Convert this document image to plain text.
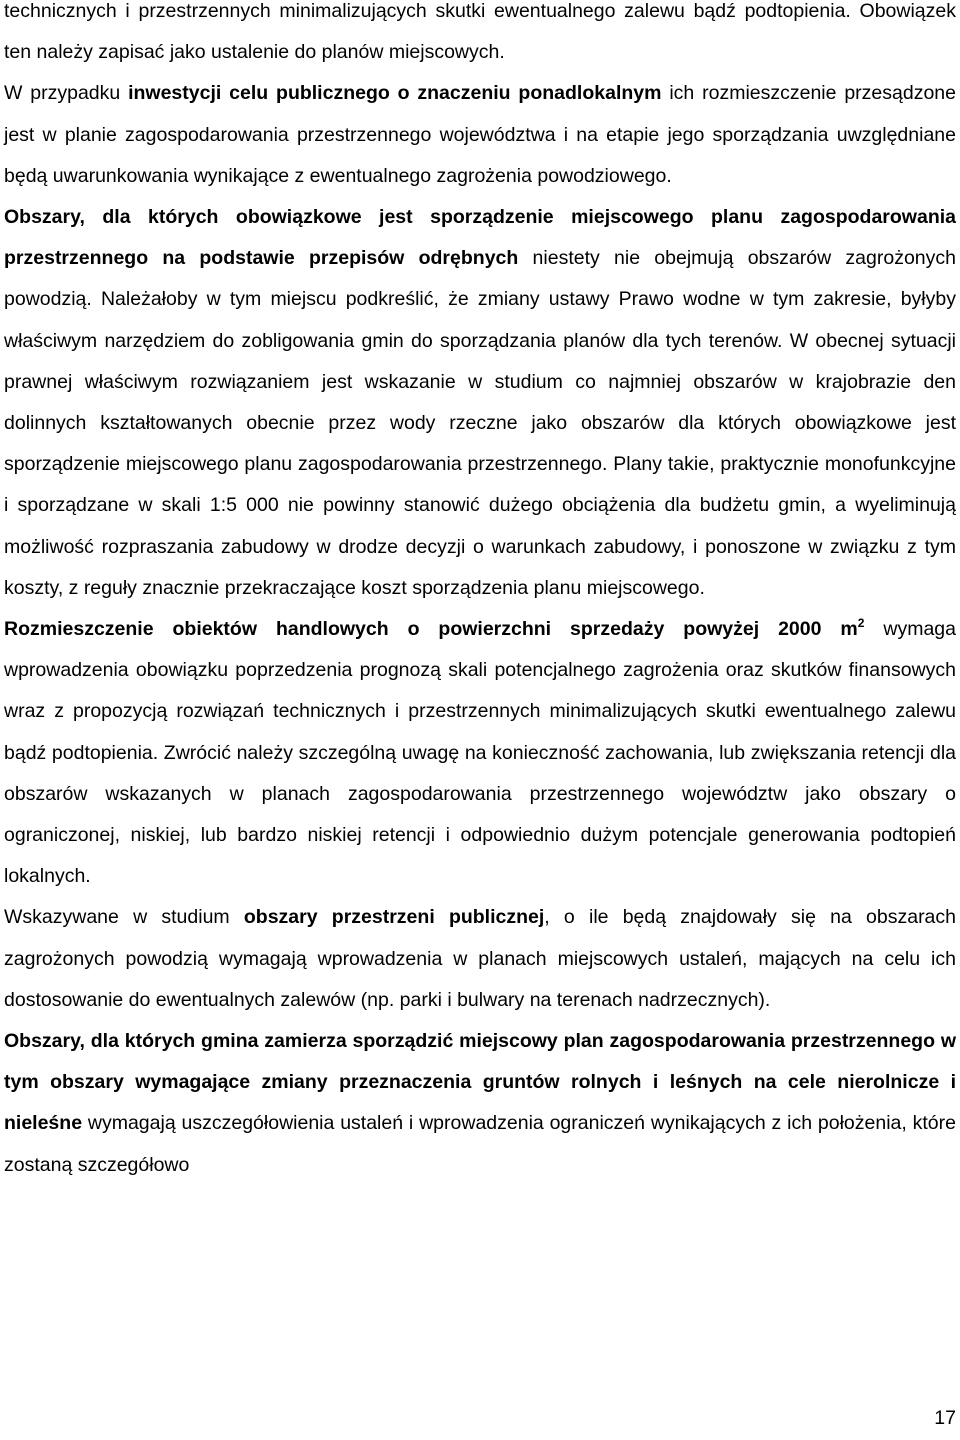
technicznych i przestrzennych minimalizujących skutki ewentualnego zalewu bądź podtopienia. Obowiązek ten należy zapisać jako ustalenie do planów miejscowych.

W przypadku inwestycji celu publicznego o znaczeniu ponadlokalnym ich rozmieszczenie przesądzone jest w planie zagospodarowania przestrzennego województwa i na etapie jego sporządzania uwzględniane będą uwarunkowania wynikające z ewentualnego zagrożenia powodziowego.

Obszary, dla których obowiązkowe jest sporządzenie miejscowego planu zagospodarowania przestrzennego na podstawie przepisów odrębnych niestety nie obejmują obszarów zagrożonych powodzią. Należałoby w tym miejscu podkreślić, że zmiany ustawy Prawo wodne w tym zakresie, byłyby właściwym narzędziem do zobligowania gmin do sporządzania planów dla tych terenów. W obecnej sytuacji prawnej właściwym rozwiązaniem jest wskazanie w studium co najmniej obszarów w krajobrazie den dolinnych kształtowanych obecnie przez wody rzeczne jako obszarów dla których obowiązkowe jest sporządzenie miejscowego planu zagospodarowania przestrzennego. Plany takie, praktycznie monofunkcyjne i sporządzane w skali 1:5 000 nie powinny stanowić dużego obciążenia dla budżetu gmin, a wyeliminują możliwość rozpraszania zabudowy w drodze decyzji o warunkach zabudowy, i ponoszone w związku z tym koszty, z reguły znacznie przekraczające koszt sporządzenia planu miejscowego.

Rozmieszczenie obiektów handlowych o powierzchni sprzedaży powyżej 2000 $m^2$ wymaga wprowadzenia obowiązku poprzedzenia prognozą skali potencjalnego zagrożenia oraz skutków finansowych wraz z propozycją rozwiązań technicznych i przestrzennych minimalizujących skutki ewentualnego zalewu bądź podtopienia. Zwrócić należy szczególną uwagę na konieczność zachowania, lub zwiększania retencji dla obszarów wskazanych w planach zagospodarowania przestrzennego województw jako obszary o ograniczonej, niskiej, lub bardzo niskiej retencji i odpowiednio dużym potencjale generowania podtopień lokalnych.

Wskazywane w studium obszary przestrzeni publicznej, o ile będą znajdowały się na obszarach zagrożonych powodzią wymagają wprowadzenia w planach miejscowych ustaleń, mających na celu ich dostosowanie do ewentualnych zalewów (np. parki i bulwary na terenach nadrzecznych).

Obszary, dla których gmina zamierza sporządzić miejscowy plan zagospodarowania przestrzennego w tym obszary wymagające zmiany przeznaczenia gruntów rolnych i leśnych na cele nierolnicze i nieleśne wymagają uszczegółowienia ustaleń i wprowadzenia ograniczeń wynikających z ich położenia, które zostaną szczegółowo

17
